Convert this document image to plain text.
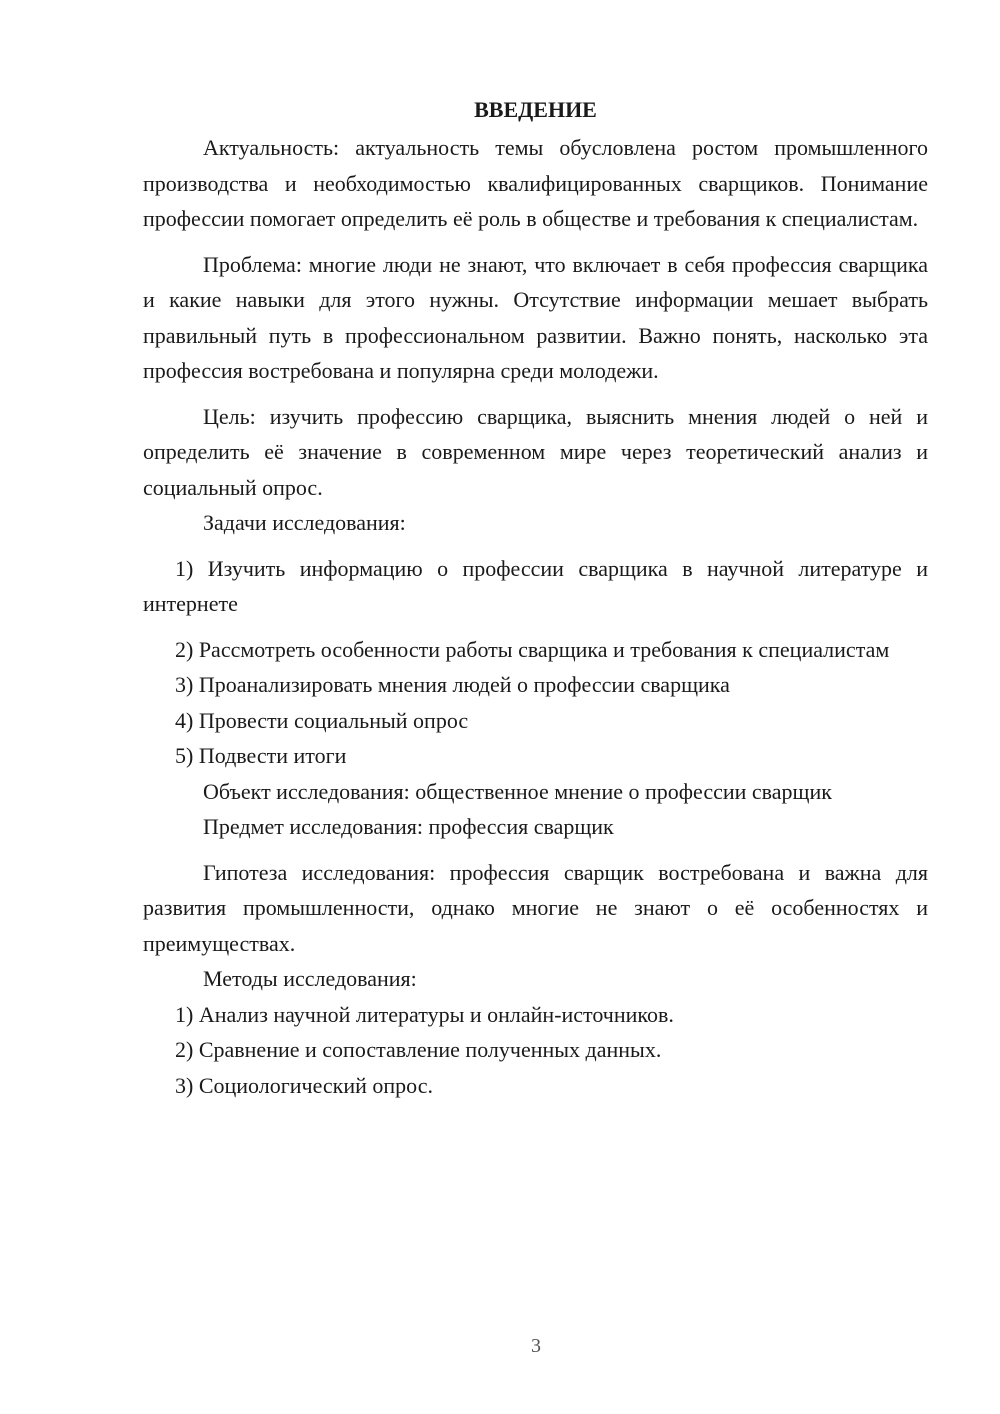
ВВЕДЕНИЕ

Актуальность: актуальность темы обусловлена ростом промышленного производства и необходимостью квалифицированных сварщиков. Понимание профессии помогает определить её роль в обществе и требования к специалистам.

Проблема: многие люди не знают, что включает в себя профессия сварщика и какие навыки для этого нужны. Отсутствие информации мешает выбрать правильный путь в профессиональном развитии. Важно понять, насколько эта профессия востребована и популярна среди молодежи.

Цель: изучить профессию сварщика, выяснить мнения людей о ней и определить её значение в современном мире через теоретический анализ и социальный опрос.

Задачи исследования:

1) Изучить информацию о профессии сварщика в научной литературе и интернете

2) Рассмотреть особенности работы сварщика и требования к специалистам

3) Проанализировать мнения людей о профессии сварщика

4) Провести социальный опрос

5) Подвести итоги

Объект исследования: общественное мнение о профессии сварщик

Предмет исследования: профессия сварщик

Гипотеза исследования: профессия сварщик востребована и важна для развития промышленности, однако многие не знают о её особенностях и преимуществах.

Методы исследования:

1) Анализ научной литературы и онлайн-источников.

2) Сравнение и сопоставление полученных данных.

3) Социологический опрос.

3
